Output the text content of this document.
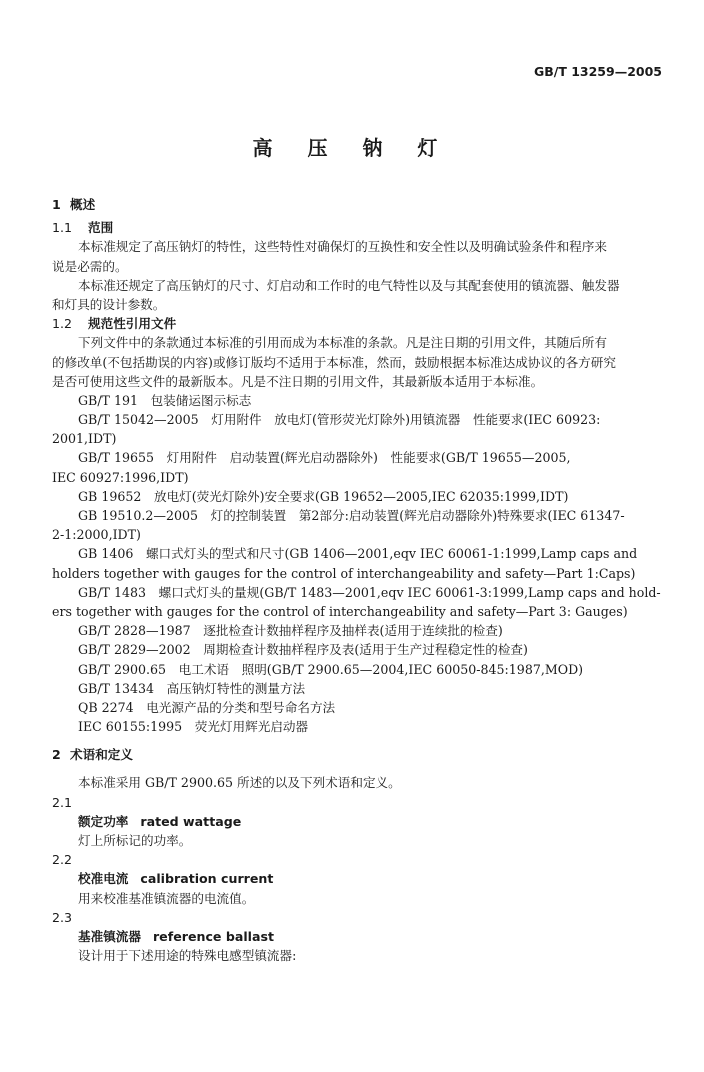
GB/T 13259—2005
高 压 钠 灯
1 概述
1.1 范围
本标准规定了高压钠灯的特性，这些特性对确保灯的互换性和安全性以及明确试验条件和程序来
说是必需的。
本标准还规定了高压钠灯的尺寸、灯启动和工作时的电气特性以及与其配套使用的镇流器、触发器
和灯具的设计参数。
1.2 规范性引用文件
下列文件中的条款通过本标准的引用而成为本标准的条款。凡是注日期的引用文件，其随后所有
的修改单(不包括勘误的内容)或修订版均不适用于本标准，然而，鼓励根据本标准达成协议的各方研究
是否可使用这些文件的最新版本。凡是不注日期的引用文件，其最新版本适用于本标准。
GB/T 191　包装储运图示标志
GB/T 15042—2005　灯用附件　放电灯(管形荧光灯除外)用镇流器　性能要求(IEC 60923:
2001,IDT)
GB/T 19655　灯用附件　启动装置(辉光启动器除外)　性能要求(GB/T 19655—2005,
IEC 60927:1996,IDT)
GB 19652　放电灯(荧光灯除外)安全要求(GB 19652—2005,IEC 62035:1999,IDT)
GB 19510.2—2005　灯的控制装置　第2部分:启动装置(辉光启动器除外)特殊要求(IEC 61347-
2-1:2000,IDT)
GB 1406　螺口式灯头的型式和尺寸(GB 1406—2001,eqv IEC 60061-1:1999,Lamp caps and
holders together with gauges for the control of interchangeability and safety—Part 1:Caps)
GB/T 1483　螺口式灯头的量规(GB/T 1483—2001,eqv IEC 60061-3:1999,Lamp caps and hold-
ers together with gauges for the control of interchangeability and safety—Part 3: Gauges)
GB/T 2828—1987　逐批检查计数抽样程序及抽样表(适用于连续批的检查)
GB/T 2829—2002　周期检查计数抽样程序及表(适用于生产过程稳定性的检查)
GB/T 2900.65　电工术语　照明(GB/T 2900.65—2004,IEC 60050-845:1987,MOD)
GB/T 13434　高压钠灯特性的测量方法
QB 2274　电光源产品的分类和型号命名方法
IEC 60155:1995　荧光灯用辉光启动器
2 术语和定义
本标准采用 GB/T 2900.65 所述的以及下列术语和定义。
2.1
额定功率 rated wattage
灯上所标记的功率。
2.2
校准电流 calibration current
用来校准基准镇流器的电流值。
2.3
基准镇流器 reference ballast
设计用于下述用途的特殊电感型镇流器:
